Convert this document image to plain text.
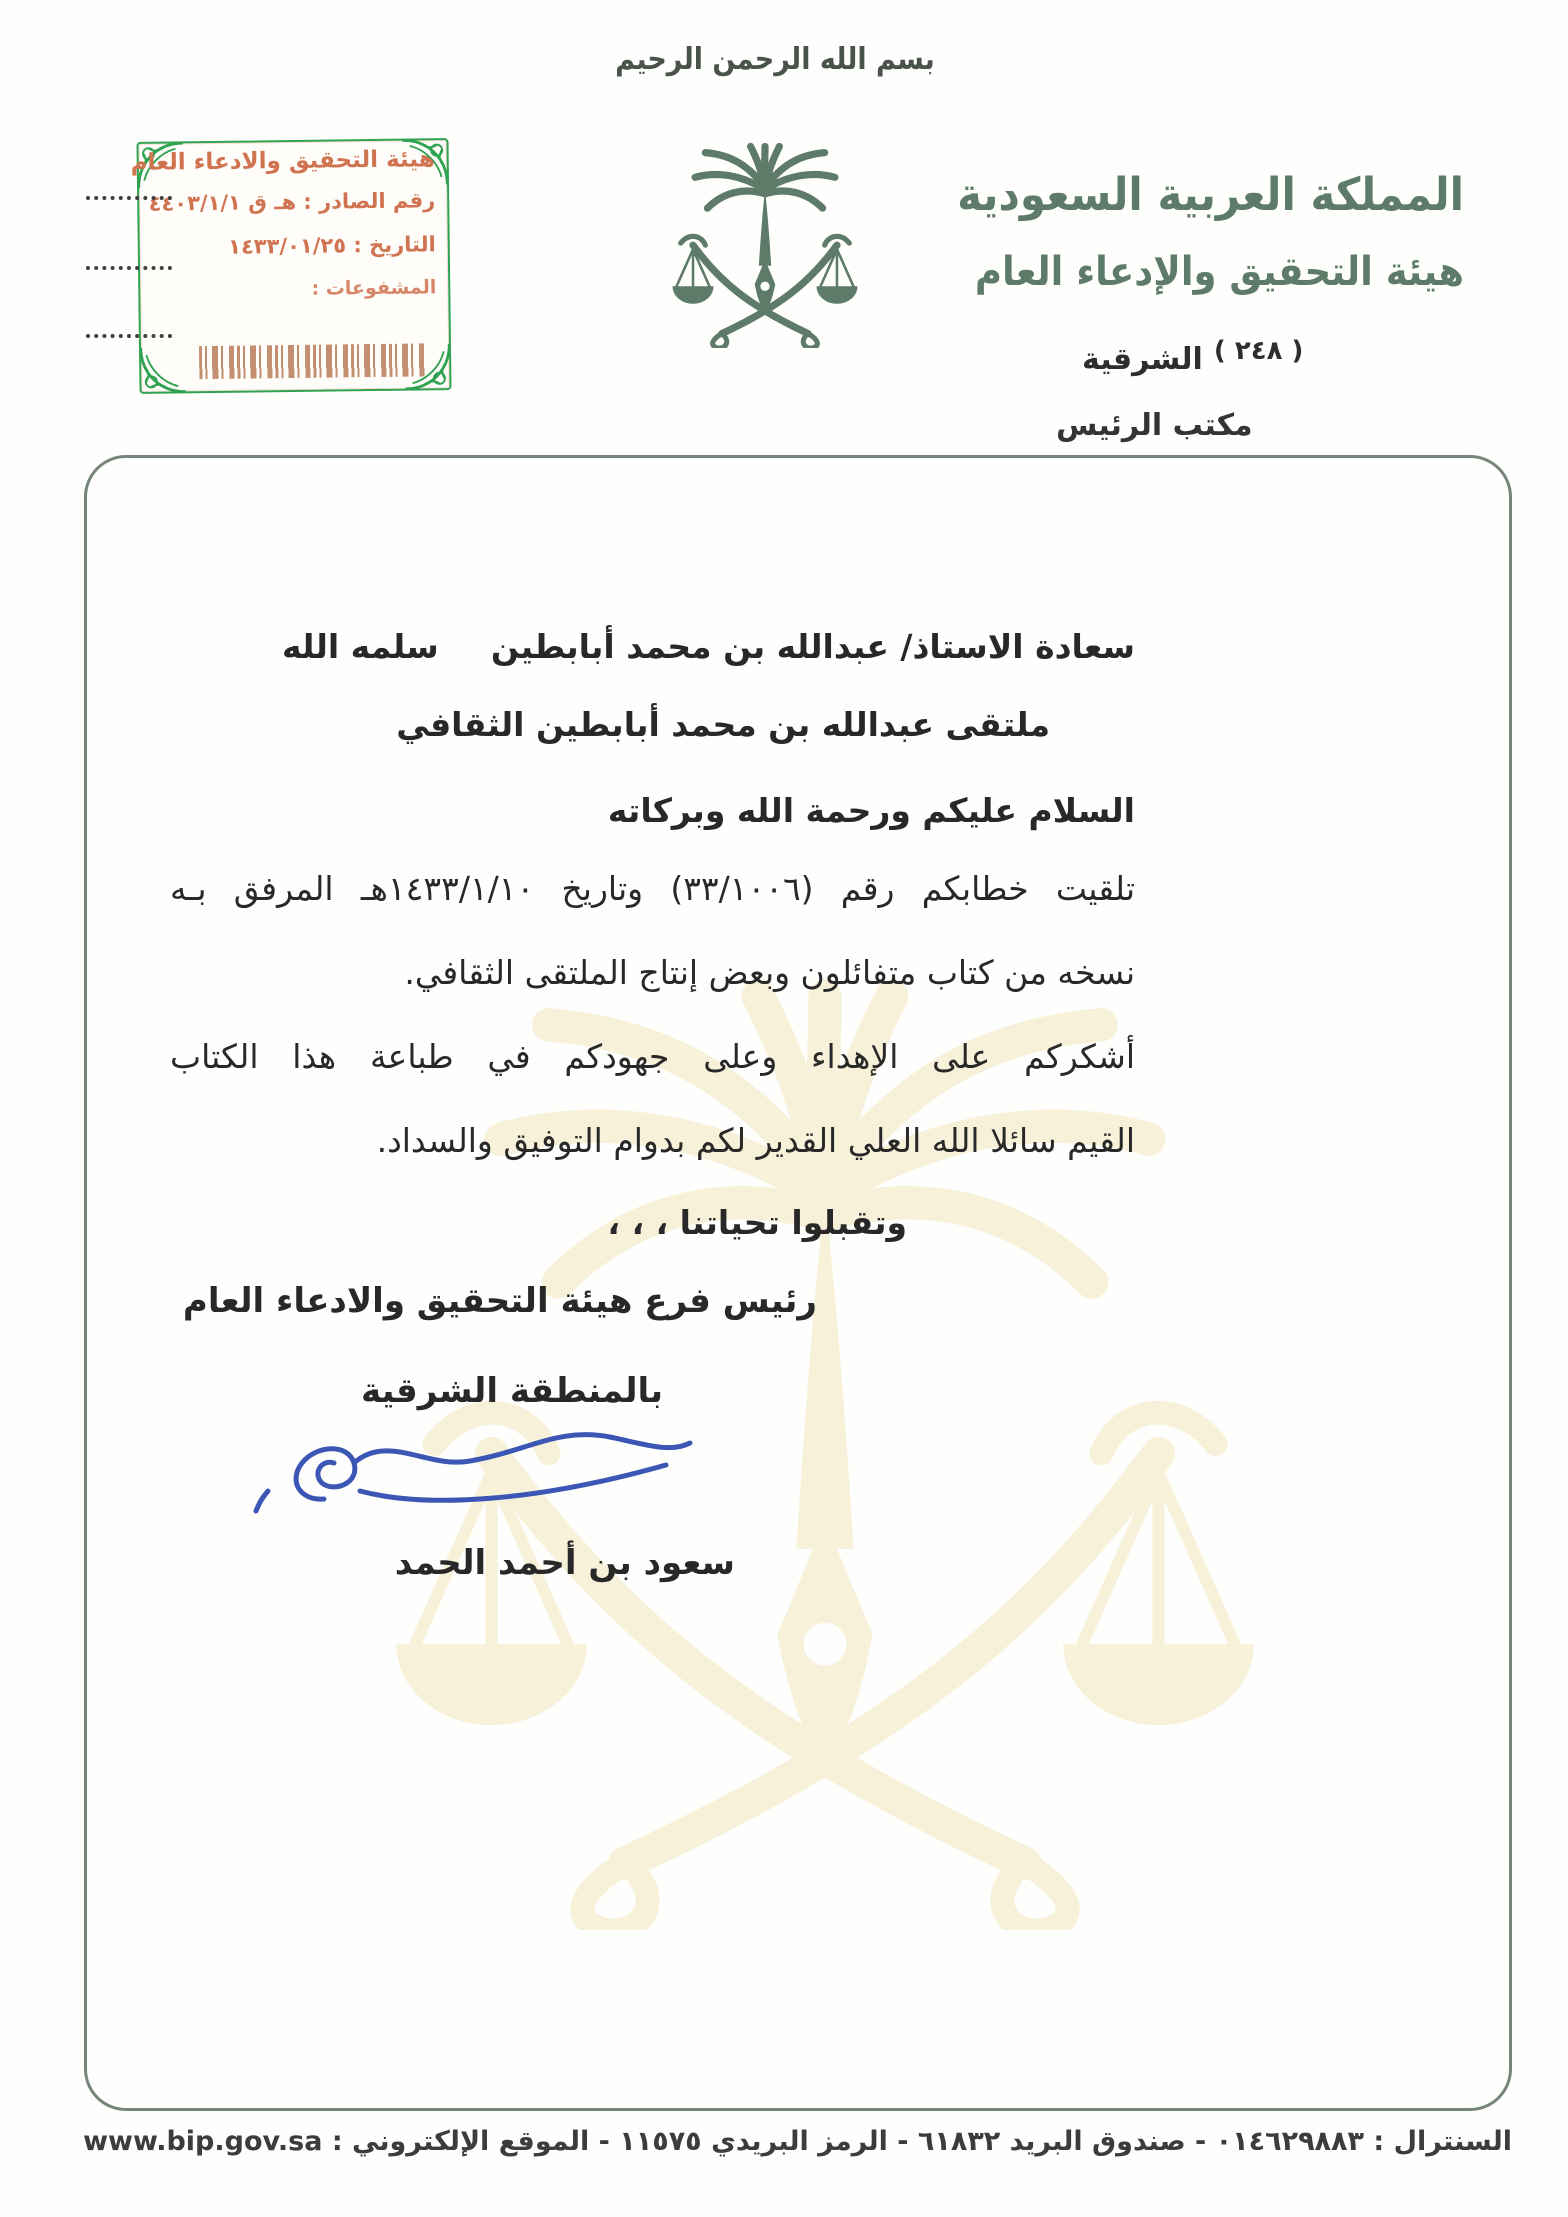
بسم الله الرحمن الرحيم
هيئة التحقيق والادعاء العام
رقم الصادر : هـ ق ٤٤٠٣/١/١
التاريخ : ١٤٣٣/٠١/٢٥
المشفوعات :
المملكة العربية السعودية
هيئة التحقيق والإدعاء العام
( ٢٤٨ ) الشرقية
مكتب الرئيس
سعادة الاستاذ/ عبدالله بن محمد أبابطين
سلمه الله
ملتقى عبدالله بن محمد أبابطين الثقافي
السلام عليكم ورحمة الله وبركاته
تلقيت خطابكم رقم (٣٣/١٠٠٦) وتاريخ ١٤٣٣/١/١٠هـ المرفق بـه
نسخه من كتاب متفائلون وبعض إنتاج الملتقى الثقافي.
أشكركم على الإهداء وعلى جهودكم في طباعة هذا الكتاب
القيم سائلا الله العلي القدير لكم بدوام التوفيق والسداد.
وتقبلوا تحياتنا ، ، ،
رئيس فرع هيئة التحقيق والادعاء العام
بالمنطقة الشرقية
سعود بن أحمد الحمد
السنترال : ٠١٤٦٢٩٨٨٣ - صندوق البريد ٦١٨٣٢ - الرمز البريدي ١١٥٧٥ - الموقع الإلكتروني : www.bip.gov.sa
